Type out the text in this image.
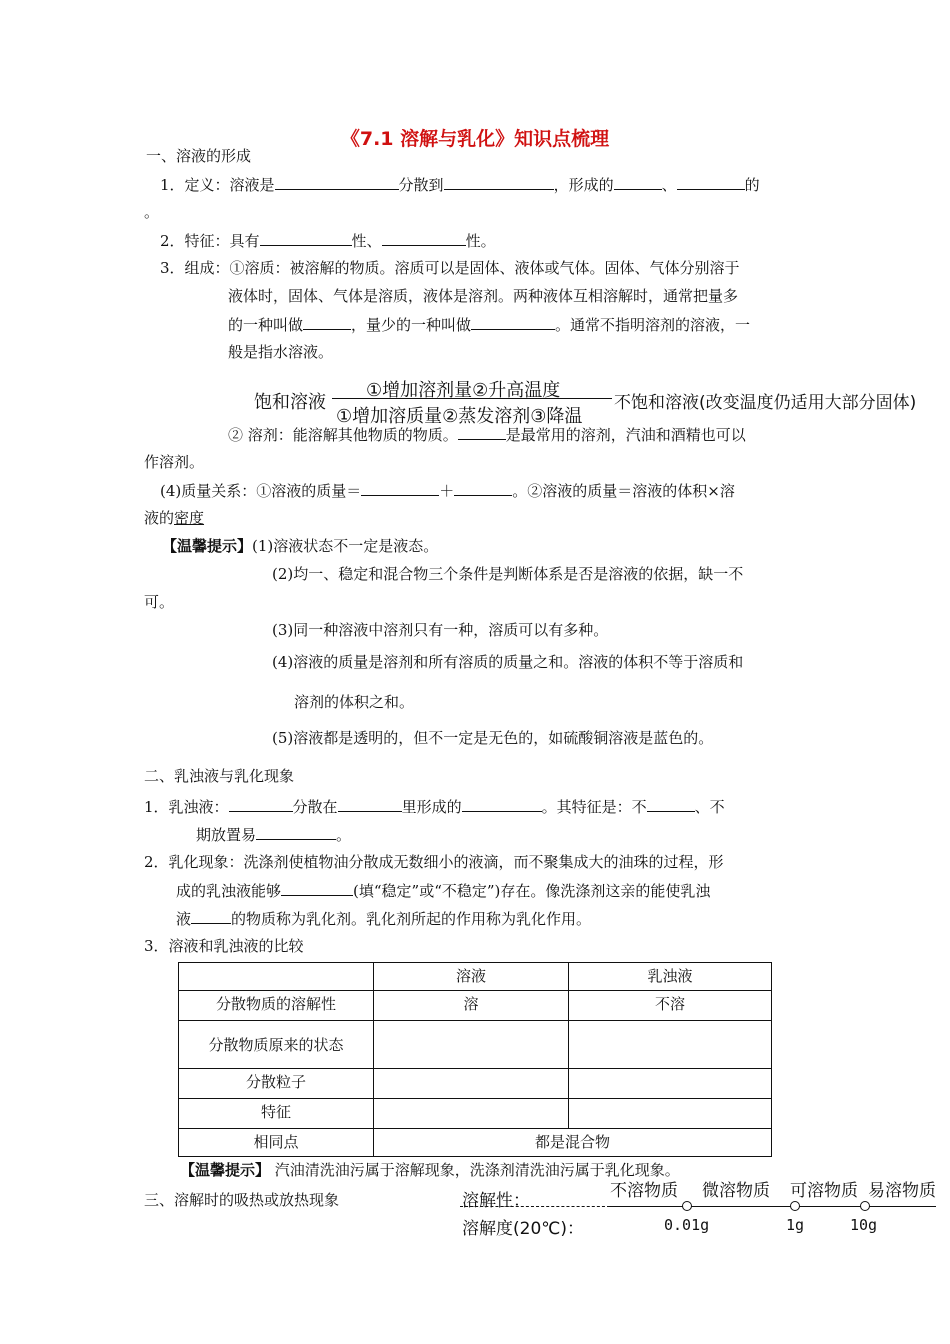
《7.1 溶解与乳化》知识点梳理
一、溶液的形成
1．定义：溶液是	分散到	，形成的	、	的
。
2．特征：具有	性、	性。
3．组成：①溶质：被溶解的物质。溶质可以是固体、液体或气体。固体、气体分别溶于
液体时，固体、气体是溶质，液体是溶剂。两种液体互相溶解时，通常把量多
的一种叫做	，量少的一种叫做	。通常不指明溶剂的溶液，一
般是指水溶液。
饱和溶液
①增加溶剂量②升高温度
①增加溶质量②蒸发溶剂③降温
不饱和溶液(改变温度仍适用大部分固体)
② 溶剂：能溶解其他物质的物质。	是最常用的溶剂，汽油和酒精也可以
作溶剂。
(4)质量关系：①溶液的质量＝	＋	。②溶液的质量＝溶液的体积×溶
液的密度
【温馨提示】(1)溶液状态不一定是液态。
(2)均一、稳定和混合物三个条件是判断体系是否是溶液的依据，缺一不
可。
(3)同一种溶液中溶剂只有一种，溶质可以有多种。
(4)溶液的质量是溶剂和所有溶质的质量之和。溶液的体积不等于溶质和
溶剂的体积之和。
(5)溶液都是透明的，但不一定是无色的，如硫酸铜溶液是蓝色的。
二、乳浊液与乳化现象
1．乳浊液：	分散在	里形成的	。其特征是：不	、不
期放置易	。
2．乳化现象：洗涤剂使植物油分散成无数细小的液滴，而不聚集成大的油珠的过程，形
成的乳浊液能够	(填“稳定”或“不稳定”)存在。像洗涤剂这亲的能使乳浊
液	的物质称为乳化剂。乳化剂所起的作用称为乳化作用。
3．溶液和乳浊液的比较
	溶液	乳浊液
分散物质的溶解性	溶	不溶
分散物质原来的状态		
分散粒子		
特征		
相同点	都是混合物	
【温馨提示】 汽油清洗油污属于溶解现象，洗涤剂清洗油污属于乳化现象。
三、溶解时的吸热或放热现象	溶解性：	不溶物质 微溶物质 可溶物质 易溶物质
溶解度(20℃)：	0.01g	1g	10g
